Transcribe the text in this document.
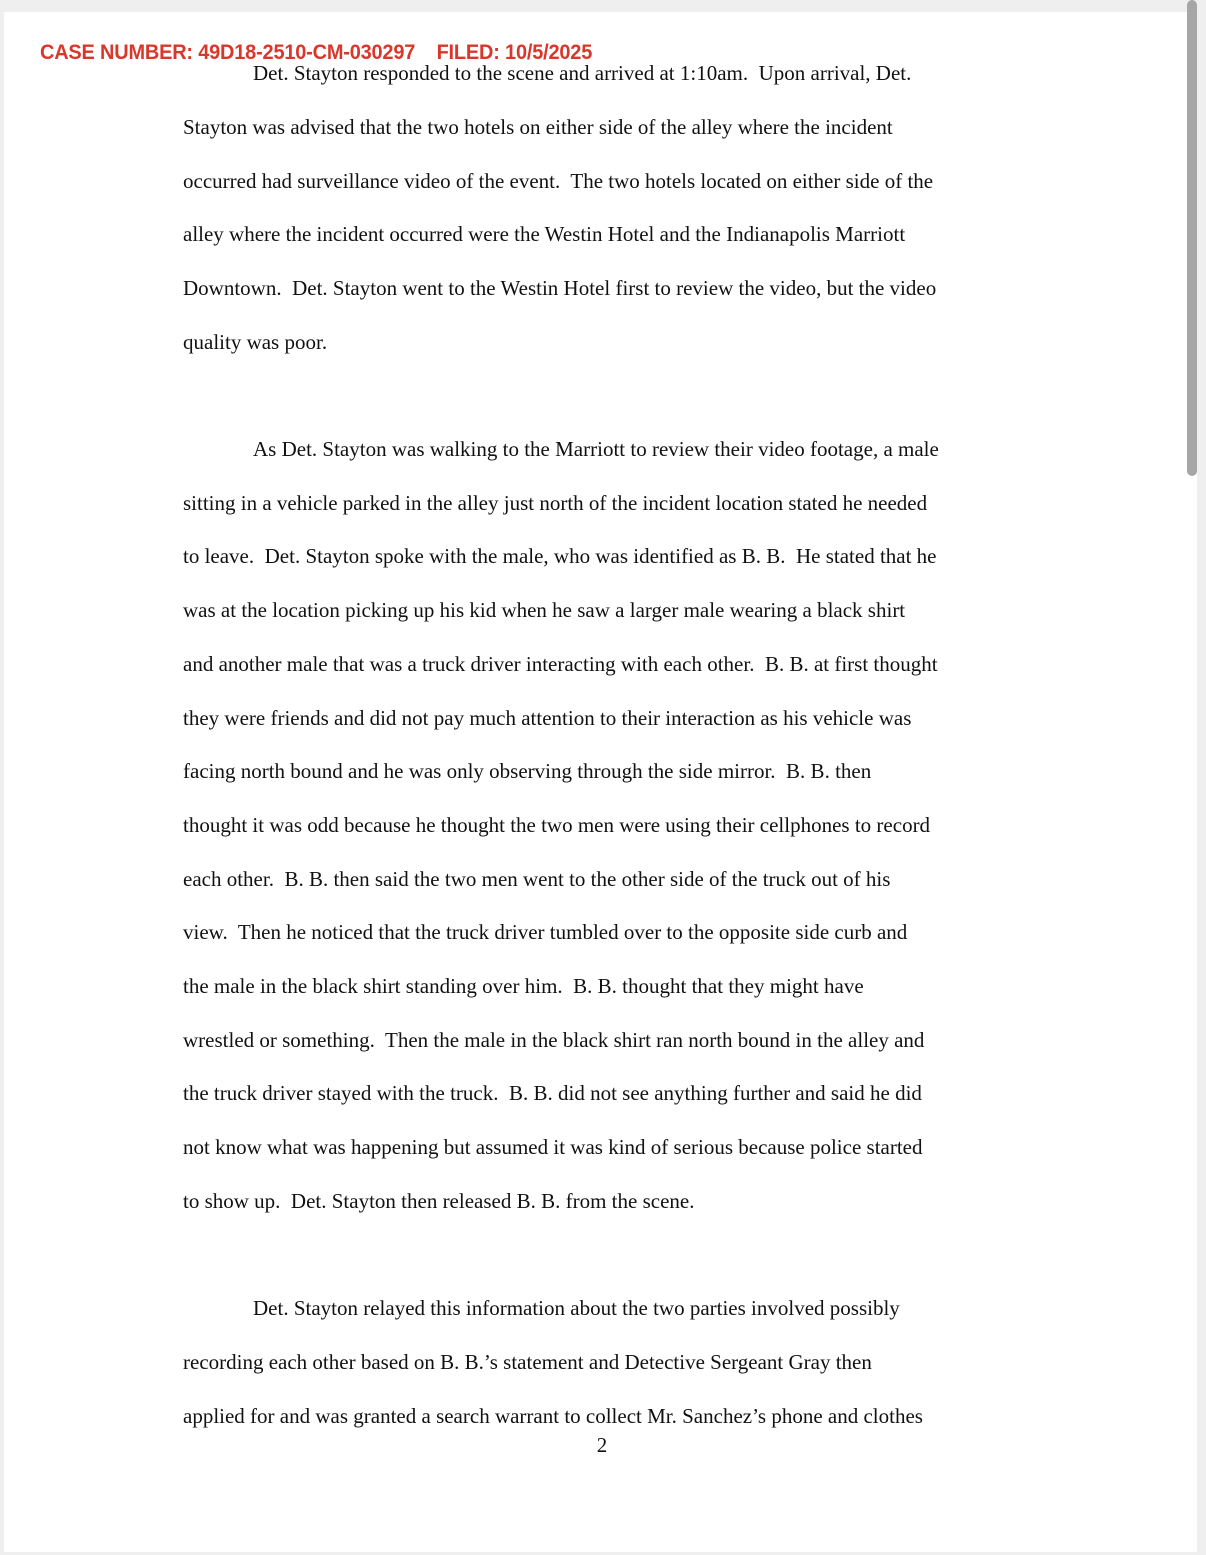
CASE NUMBER: 49D18-2510-CM-030297 FILED: 10/5/2025
Det. Stayton responded to the scene and arrived at 1:10am.  Upon arrival, Det.
Stayton was advised that the two hotels on either side of the alley where the incident
occurred had surveillance video of the event.  The two hotels located on either side of the
alley where the incident occurred were the Westin Hotel and the Indianapolis Marriott
Downtown.  Det. Stayton went to the Westin Hotel first to review the video, but the video
quality was poor.
As Det. Stayton was walking to the Marriott to review their video footage, a male
sitting in a vehicle parked in the alley just north of the incident location stated he needed
to leave.  Det. Stayton spoke with the male, who was identified as B. B.  He stated that he
was at the location picking up his kid when he saw a larger male wearing a black shirt
and another male that was a truck driver interacting with each other.  B. B. at first thought
they were friends and did not pay much attention to their interaction as his vehicle was
facing north bound and he was only observing through the side mirror.  B. B. then
thought it was odd because he thought the two men were using their cellphones to record
each other.  B. B. then said the two men went to the other side of the truck out of his
view.  Then he noticed that the truck driver tumbled over to the opposite side curb and
the male in the black shirt standing over him.  B. B. thought that they might have
wrestled or something.  Then the male in the black shirt ran north bound in the alley and
the truck driver stayed with the truck.  B. B. did not see anything further and said he did
not know what was happening but assumed it was kind of serious because police started
to show up.  Det. Stayton then released B. B. from the scene.
Det. Stayton relayed this information about the two parties involved possibly
recording each other based on B. B.’s statement and Detective Sergeant Gray then
applied for and was granted a search warrant to collect Mr. Sanchez’s phone and clothes
2
